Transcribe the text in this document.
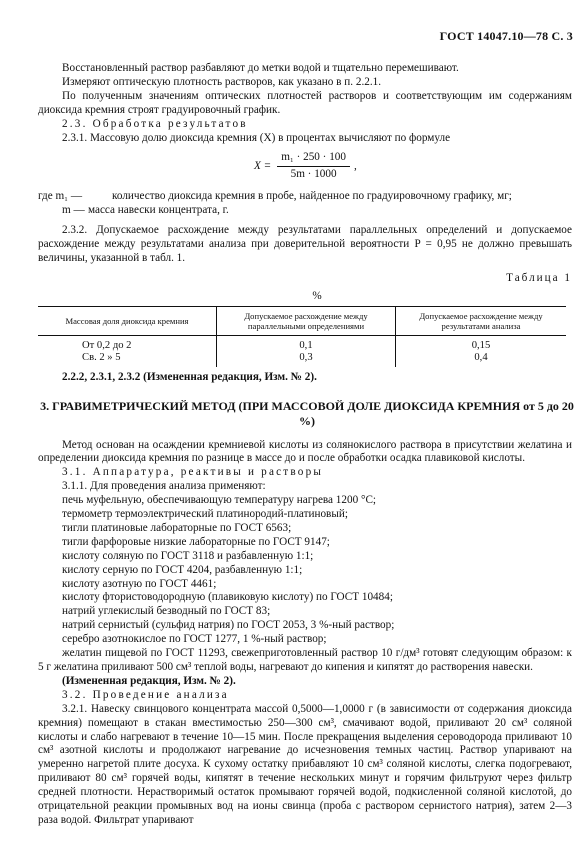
ГОСТ 14047.10—78 С. 3

Восстановленный раствор разбавляют до метки водой и тщательно перемешивают.

Измеряют оптическую плотность растворов, как указано в п. 2.2.1.

По полученным значениям оптических плотностей растворов и соответствующим им содержаниям диоксида кремния строят градуировочный график.

2.3. Обработка результатов

2.3.1. Массовую долю диоксида кремния (X) в процентах вычисляют по формуле

$X = \frac{\text{m₁ · 250 · 100}}{5m \cdot 1000}$ ,
где m₁ —	количество диоксида кремния в пробе, найденное по градуировочному графику, мг;
m — масса навески концентрата, г.

2.3.2. Допускаемое расхождение между результатами параллельных определений и допускаемое расхождение между результатами анализа при доверительной вероятности P = 0,95 не должно превышать величины, указанной в табл. 1.

Таблица 1
%
Массовая доля диоксида кремния	Допускаемое расхождение между параллельными определениями	Допускаемое расхождение между результатами анализа
От 0,2 до 2	0,1	0,15
Св. 2 » 5	0,3	0,4

2.2.2, 2.3.1, 2.3.2 (Измененная редакция, Изм. № 2).

3. ГРАВИМЕТРИЧЕСКИЙ МЕТОД (ПРИ МАССОВОЙ ДОЛЕ ДИОКСИДА КРЕМНИЯ от 5 до 20 %)

Метод основан на осаждении кремниевой кислоты из солянокислого раствора в присутствии желатина и определении диоксида кремния по разнице в массе до и после обработки осадка плавиковой кислоты.

3.1. Аппаратура, реактивы и растворы

3.1.1. Для проведения анализа применяют:

печь муфельную, обеспечивающую температуру нагрева 1200 °С;

термометр термоэлектрический платинородий-платиновый;

тигли платиновые лабораторные по ГОСТ 6563;

тигли фарфоровые низкие лабораторные по ГОСТ 9147;

кислоту соляную по ГОСТ 3118 и разбавленную 1:1;

кислоту серную по ГОСТ 4204, разбавленную 1:1;

кислоту азотную по ГОСТ 4461;

кислоту фтористоводородную (плавиковую кислоту) по ГОСТ 10484;

натрий углекислый безводный по ГОСТ 83;

натрий сернистый (сульфид натрия) по ГОСТ 2053, 3 %-ный раствор;

серебро азотнокислое по ГОСТ 1277, 1 %-ный раствор;

желатин пищевой по ГОСТ 11293, свежеприготовленный раствор 10 г/дм³ готовят следующим образом: к 5 г желатина приливают 500 см³ теплой воды, нагревают до кипения и кипятят до растворения навески.

(Измененная редакция, Изм. № 2).

3.2. Проведение анализа

3.2.1. Навеску свинцового концентрата массой 0,5000—1,0000 г (в зависимости от содержания диоксида кремния) помещают в стакан вместимостью 250—300 см³, смачивают водой, приливают 20 см³ соляной кислоты и слабо нагревают в течение 10—15 мин. После прекращения выделения сероводорода приливают 10 см³ азотной кислоты и продолжают нагревание до исчезновения темных частиц. Раствор упаривают на умеренно нагретой плите досуха. К сухому остатку прибавляют 10 см³ соляной кислоты, слегка подогревают, приливают 80 см³ горячей воды, кипятят в течение нескольких минут и горячим фильтруют через фильтр средней плотности. Нерастворимый остаток промывают горячей водой, подкисленной соляной кислотой, до отрицательной реакции промывных вод на ионы свинца (проба с раствором сернистого натрия), затем 2—3 раза водой. Фильтрат упаривают
